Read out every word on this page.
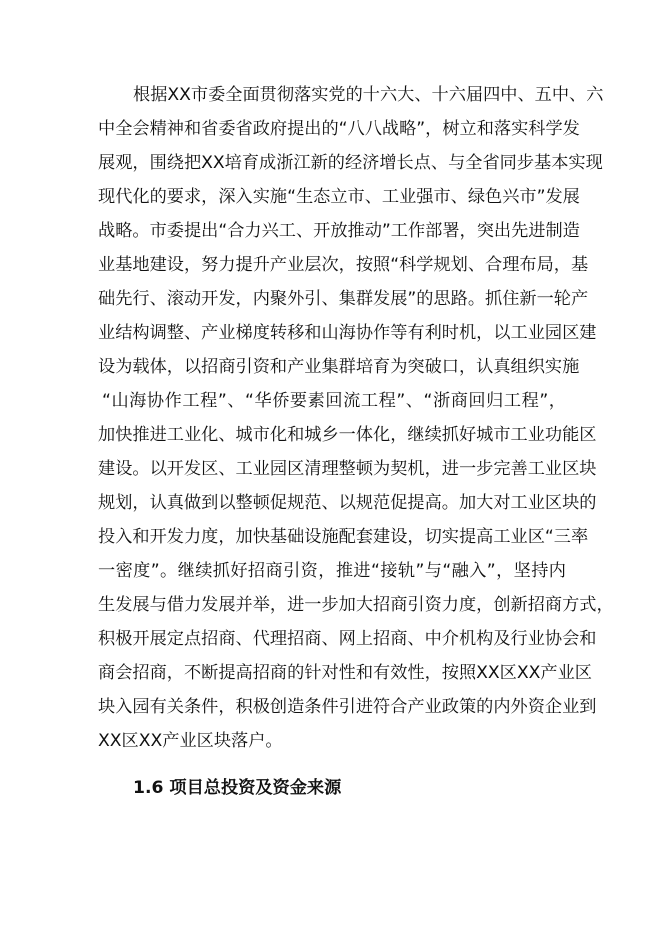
根据XX市委全面贯彻落实党的十六大、十六届四中、五中、六
中全会精神和省委省政府提出的“八八战略”，树立和落实科学发
展观，围绕把XX培育成浙江新的经济增长点、与全省同步基本实现
现代化的要求，深入实施“生态立市、工业强市、绿色兴市”发展
战略。市委提出“合力兴工、开放推动”工作部署，突出先进制造
业基地建设，努力提升产业层次，按照“科学规划、合理布局，基
础先行、滚动开发，内聚外引、集群发展”的思路。抓住新一轮产
业结构调整、产业梯度转移和山海协作等有利时机，以工业园区建
设为载体，以招商引资和产业集群培育为突破口，认真组织实施
“山海协作工程”、“华侨要素回流工程”、“浙商回归工程”，
加快推进工业化、城市化和城乡一体化，继续抓好城市工业功能区
建设。以开发区、工业园区清理整顿为契机，进一步完善工业区块
规划，认真做到以整顿促规范、以规范促提高。加大对工业区块的
投入和开发力度，加快基础设施配套建设，切实提高工业区“三率
一密度”。继续抓好招商引资，推进“接轨”与“融入”，坚持内
生发展与借力发展并举，进一步加大招商引资力度，创新招商方式，
积极开展定点招商、代理招商、网上招商、中介机构及行业协会和
商会招商，不断提高招商的针对性和有效性，按照XX区XX产业区
块入园有关条件，积极创造条件引进符合产业政策的内外资企业到
XX区XX产业区块落户。
1.6 项目总投资及资金来源
